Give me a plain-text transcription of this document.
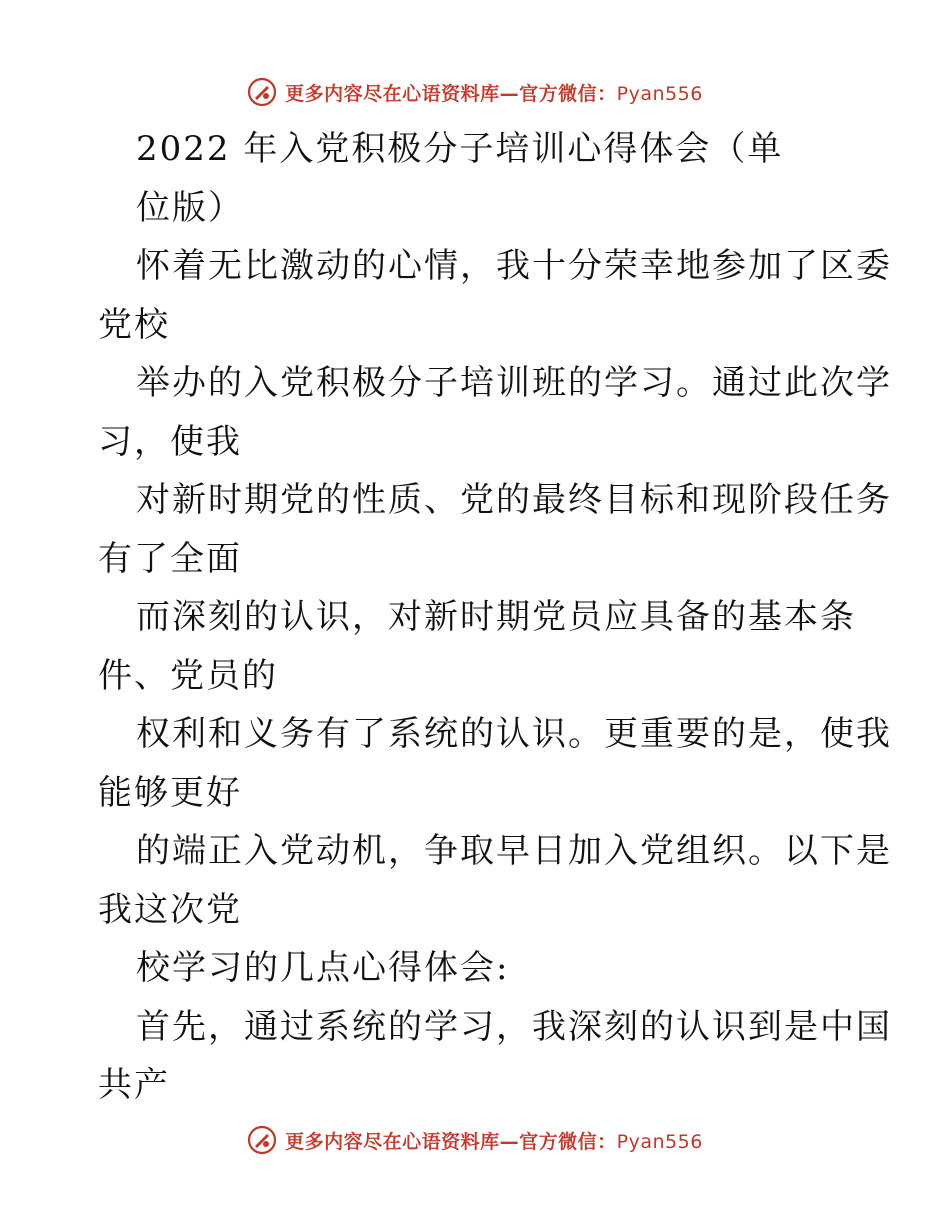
更多内容尽在心语资料库—官方微信：Pyan556
2022 年入党积极分子培训心得体会（单
位版）
怀着无比激动的心情，我十分荣幸地参加了区委
党校
举办的入党积极分子培训班的学习。通过此次学
习，使我
对新时期党的性质、党的最终目标和现阶段任务
有了全面
而深刻的认识，对新时期党员应具备的基本条
件、党员的
权利和义务有了系统的认识。更重要的是，使我
能够更好
的端正入党动机，争取早日加入党组织。以下是
我这次党
校学习的几点心得体会:
首先，通过系统的学习，我深刻的认识到是中国
共产
更多内容尽在心语资料库—官方微信：Pyan556
